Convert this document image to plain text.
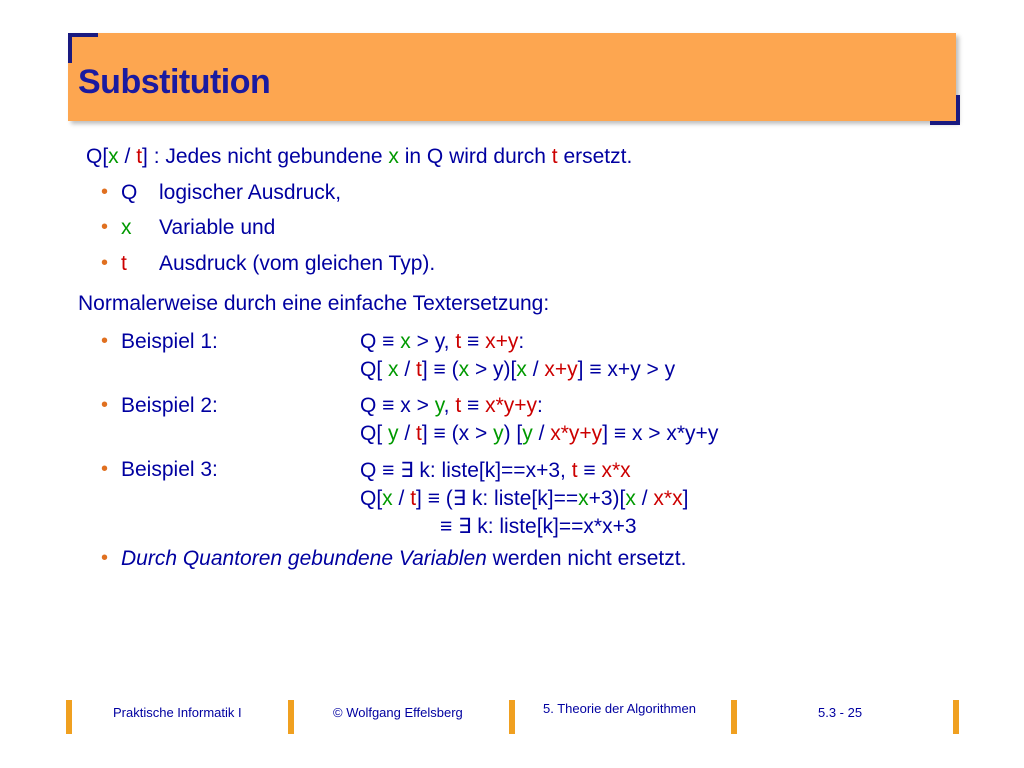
Substitution
Q[x / t] : Jedes nicht gebundene x in Q wird durch t ersetzt.
• Q logischer Ausdruck,
• x Variable und
• t Ausdruck (vom gleichen Typ).
Normalerweise durch eine einfache Textersetzung:
• Beispiel 1:	Q ≡ x > y, t ≡ x+y:
Q[ x / t] ≡ (x > y)[x / x+y] ≡ x+y > y
• Beispiel 2:	Q ≡ x > y, t ≡ x*y+y:
Q[ y / t] ≡ (x > y) [y / x*y+y] ≡ x > x*y+y
• Beispiel 3:	Q ≡ ∃ k: liste[k]==x+3, t ≡ x*x
Q[x / t] ≡ (∃ k: liste[k]==x+3)[x / x*x]
≡ ∃ k: liste[k]==x*x+3
• Durch Quantoren gebundene Variablen werden nicht ersetzt.
Praktische Informatik I	© Wolfgang Effelsberg	5. Theorie der Algorithmen	5.3 - 25
